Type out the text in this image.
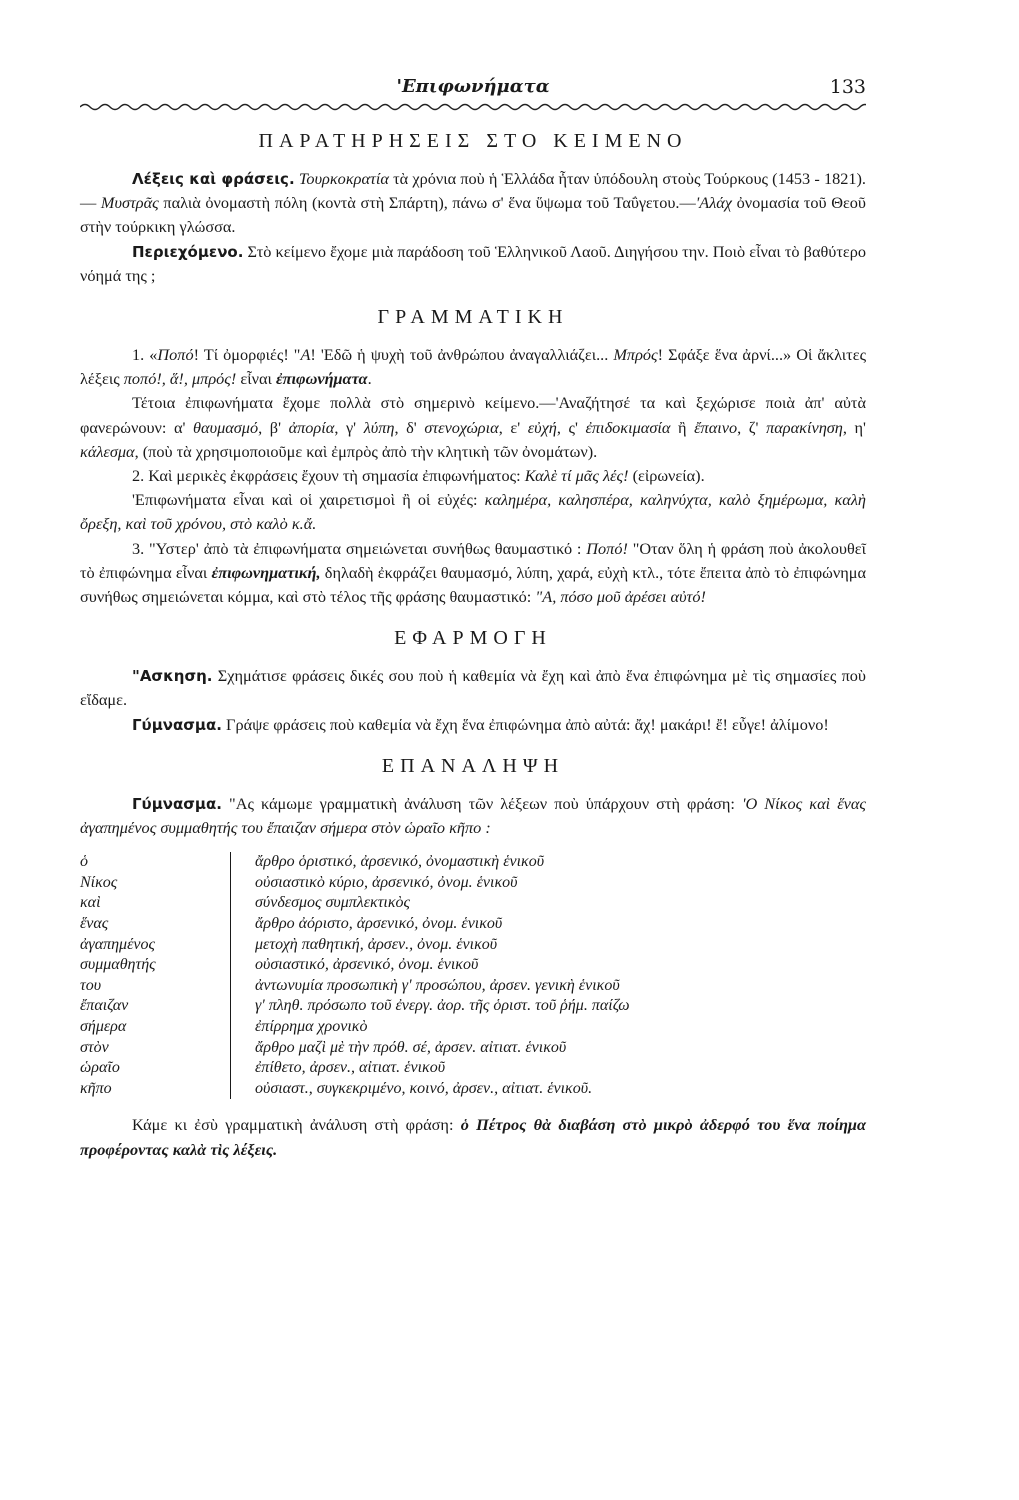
'Επιφωνήματα	133
ΠΑΡΑΤΗΡΗΣΕΙΣ ΣΤΟ ΚΕΙΜΕΝΟ

Λέξεις καὶ φράσεις. Τουρκοκρατία τὰ χρόνια ποὺ ἡ Ἑλλάδα ἦταν ὑπόδουλη στοὺς Τούρκους (1453 - 1821).— Μυστρᾶς παλιὰ ὀνομαστὴ πόλη (κοντὰ στὴ Σπάρτη), πάνω σ' ἕνα ὕψωμα τοῦ Ταΰγετου.—'Αλάχ ὀνομασία τοῦ Θεοῦ στὴν τούρκικη γλώσσα.

Περιεχόμενο. Στὸ κείμενο ἔχομε μιὰ παράδοση τοῦ Ἑλληνικοῦ Λαοῦ. Διηγήσου την. Ποιὸ εἶναι τὸ βαθύτερο νόημά της ;

ΓΡΑΜΜΑΤΙΚΗ

1. «Ποπό! Τί ὀμορφιές! "Α! 'Εδῶ ἡ ψυχὴ τοῦ ἀνθρώπου ἀναγαλλιάζει... Μπρός! Σφάξε ἕνα ἀρνί...» Οἱ ἄκλιτες λέξεις ποπό!, ἅ!, μπρός! εἶναι ἐπιφωνήματα.

Τέτοια ἐπιφωνήματα ἔχομε πολλὰ στὸ σημερινὸ κείμενο.—'Αναζήτησέ τα καὶ ξεχώρισε ποιὰ ἀπ' αὐτὰ φανερώνουν: α' θαυμασμό, β' ἀπορία, γ' λύπη, δ' στενοχώρια, ε' εὐχή, ς' ἐπιδοκιμασία ἢ ἔπαινο, ζ' παρακίνηση, η' κάλεσμα, (ποὺ τὰ χρησιμοποιοῦμε καὶ ἐμπρὸς ἀπὸ τὴν κλητικὴ τῶν ὀνομάτων).

2. Καὶ μερικὲς ἐκφράσεις ἔχουν τὴ σημασία ἐπιφωνήματος: Καλὲ τί μᾶς λές! (εἰρωνεία).

'Επιφωνήματα εἶναι καὶ οἱ χαιρετισμοὶ ἢ οἱ εὐχές: καλημέρα, καλησπέρα, καληνύχτα, καλὸ ξημέρωμα, καλὴ ὄρεξη, καὶ τοῦ χρόνου, στὸ καλὸ κ.ἄ.

3. "Υστερ' ἀπὸ τὰ ἐπιφωνήματα σημειώνεται συνήθως θαυμαστικό : Ποπό! "Οταν ὅλη ἡ φράση ποὺ ἀκολουθεῖ τὸ ἐπιφώνημα εἶναι ἐπιφωνηματική, δηλαδὴ ἐκφράζει θαυμασμό, λύπη, χαρά, εὐχὴ κτλ., τότε ἔπειτα ἀπὸ τὸ ἐπιφώνημα συνήθως σημειώνεται κόμμα, καὶ στὸ τέλος τῆς φράσης θαυμαστικό: "Α, πόσο μοῦ ἀρέσει αὐτό!

ΕΦΑΡΜΟΓΗ

"Ασκηση. Σχημάτισε φράσεις δικές σου ποὺ ἡ καθεμία νὰ ἔχη καὶ ἀπὸ ἕνα ἐπιφώνημα μὲ τὶς σημασίες ποὺ εἴδαμε.

Γύμνασμα. Γράψε φράσεις ποὺ καθεμία νὰ ἔχη ἕνα ἐπιφώνημα ἀπὸ αὐτά: ἄχ! μακάρι! ἔ! εὖγε! ἀλίμονο!

ΕΠΑΝΑΛΗΨΗ

Γύμνασμα. "Ας κάμωμε γραμματικὴ ἀνάλυση τῶν λέξεων ποὺ ὑπάρχουν στὴ φράση: 'Ο Νίκος καὶ ἕνας ἀγαπημένος συμμαθητής του ἔπαιζαν σήμερα στὸν ὡραῖο κῆπο :

ὁ	ἄρθρο ὁριστικό, ἀρσενικό, ὀνομαστικὴ ἑνικοῦ
Νίκος	οὐσιαστικὸ κύριο, ἀρσενικό, ὀνομ. ἑνικοῦ
καὶ	σύνδεσμος συμπλεκτικὸς
ἕνας	ἄρθρο ἀόριστο, ἀρσενικό, ὀνομ. ἑνικοῦ
ἀγαπημένος	μετοχὴ παθητική, ἀρσεν., ὀνομ. ἑνικοῦ
συμμαθητής	οὐσιαστικό, ἀρσενικό, ὀνομ. ἑνικοῦ
του	ἀντωνυμία προσωπικὴ γ' προσώπου, ἀρσεν. γενικὴ ἑνικοῦ
ἔπαιζαν	γ' πληθ. πρόσωπο τοῦ ἐνεργ. ἀορ. τῆς ὁριστ. τοῦ ῥήμ. παίζω
σήμερα	ἐπίρρημα χρονικὸ
στὸν	ἄρθρο μαζὶ μὲ τὴν πρόθ. σέ, ἀρσεν. αἰτιατ. ἑνικοῦ
ὡραῖο	ἐπίθετο, ἀρσεν., αἰτιατ. ἑνικοῦ
κῆπο	οὐσιαστ., συγκεκριμένο, κοινό, ἀρσεν., αἰτιατ. ἑνικοῦ.

Κάμε κι ἐσὺ γραμματικὴ ἀνάλυση στὴ φράση: ὁ Πέτρος θὰ διαβάση στὸ μικρὸ ἀδερφό του ἕνα ποίημα προφέροντας καλὰ τὶς λέξεις.
